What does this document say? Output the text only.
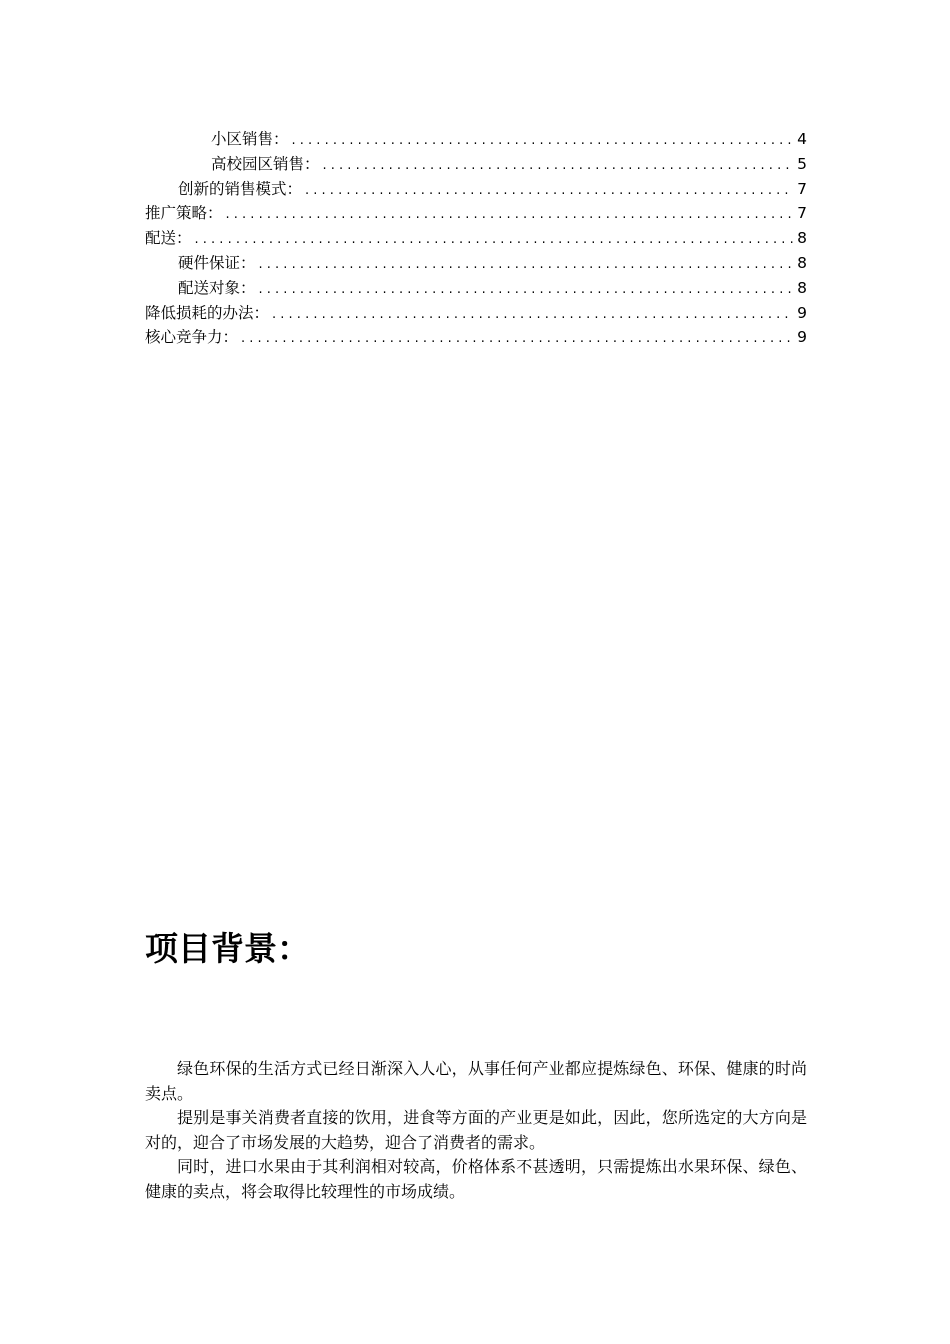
小区销售： . . .	4
高校园区销售： . . .	5
创新的销售模式： . . .	7
推广策略： . . .	7
配送： . . .	8
硬件保证： . . .	8
配送对象： . . .	8
降低损耗的办法： . . .	9
核心竞争力： . . .	9
项目背景：

绿色环保的生活方式已经日渐深入人心，从事任何产业都应提炼绿色、环保、健康的时尚卖点。

提别是事关消费者直接的饮用，进食等方面的产业更是如此，因此，您所选定的大方向是对的，迎合了市场发展的大趋势，迎合了消费者的需求。

同时，进口水果由于其利润相对较高，价格体系不甚透明，只需提炼出水果环保、绿色、健康的卖点，将会取得比较理性的市场成绩。
